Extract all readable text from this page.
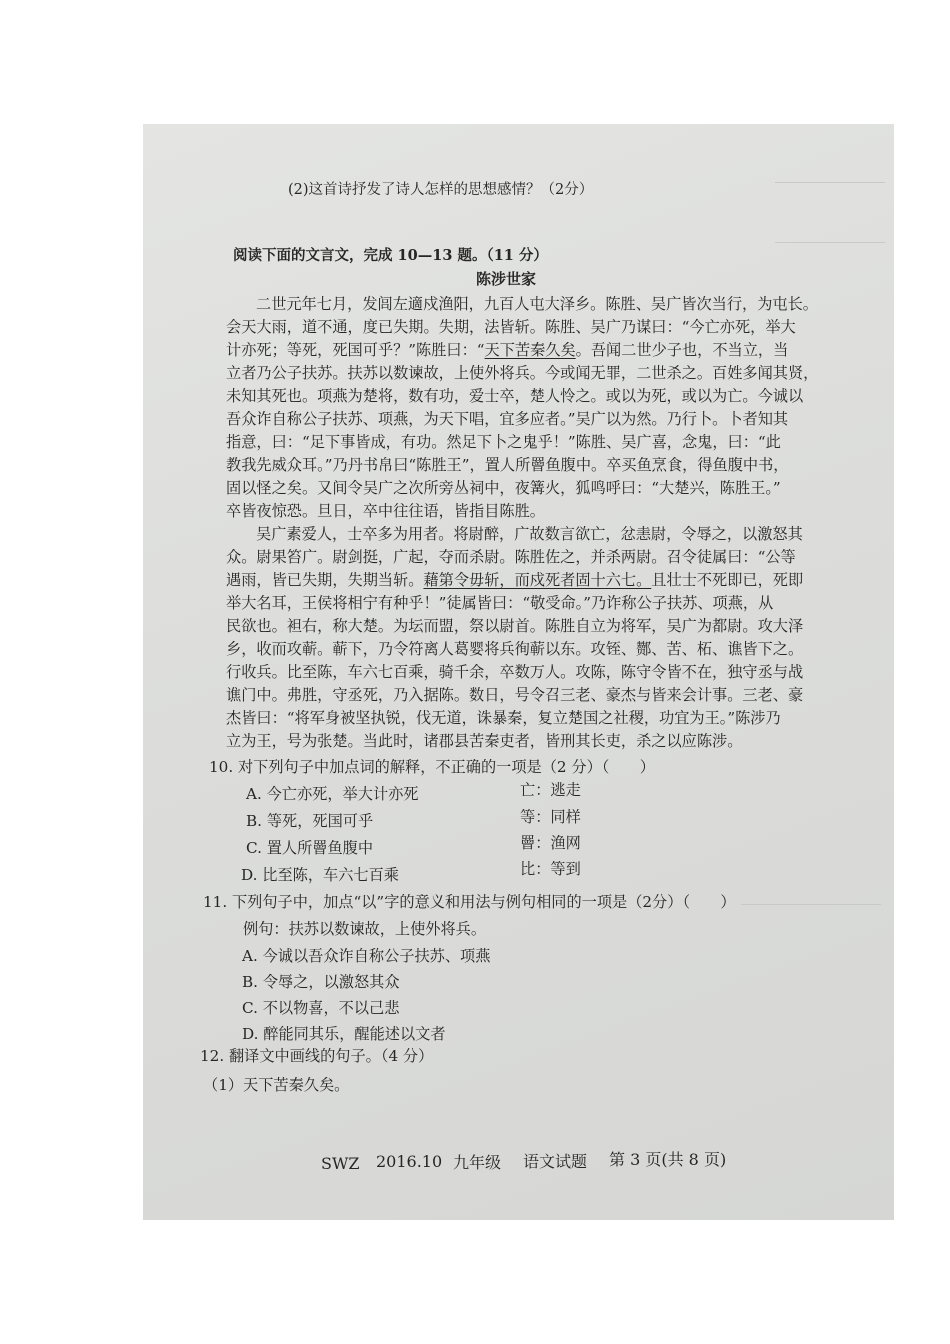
(2)这首诗抒发了诗人怎样的思想感情？（2分）
阅读下面的文言文，完成 10—13 题。（11 分）
陈涉世家
二世元年七月，发闾左適戍渔阳，九百人屯大泽乡。陈胜、吴广皆次当行，为屯长。
会天大雨，道不通，度已失期。失期，法皆斩。陈胜、吴广乃谋曰：“今亡亦死，举大
计亦死；等死，死国可乎？”陈胜曰：“天下苦秦久矣。吾闻二世少子也，不当立，当
立者乃公子扶苏。扶苏以数谏故，上使外将兵。今或闻无罪，二世杀之。百姓多闻其贤，
未知其死也。项燕为楚将，数有功，爱士卒，楚人怜之。或以为死，或以为亡。今诚以
吾众诈自称公子扶苏、项燕，为天下唱，宜多应者。”吴广以为然。乃行卜。卜者知其
指意，曰：“足下事皆成，有功。然足下卜之鬼乎！”陈胜、吴广喜，念鬼，曰：“此
教我先威众耳。”乃丹书帛曰“陈胜王”，置人所罾鱼腹中。卒买鱼烹食，得鱼腹中书，
固以怪之矣。又间令吴广之次所旁丛祠中，夜篝火，狐鸣呼曰：“大楚兴，陈胜王。”
卒皆夜惊恐。旦日，卒中往往语，皆指目陈胜。
吴广素爱人，士卒多为用者。将尉醉，广故数言欲亡，忿恚尉，令辱之，以激怒其
众。尉果笞广。尉剑挺，广起，夺而杀尉。陈胜佐之，并杀两尉。召令徒属曰：“公等
遇雨，皆已失期，失期当斩。藉第令毋斩，而戍死者固十六七。且壮士不死即已，死即
举大名耳，王侯将相宁有种乎！”徒属皆曰：“敬受命。”乃诈称公子扶苏、项燕，从
民欲也。袒右，称大楚。为坛而盟，祭以尉首。陈胜自立为将军，吴广为都尉。攻大泽
乡，收而攻蕲。蕲下，乃令符离人葛婴将兵徇蕲以东。攻铚、酂、苦、柘、谯皆下之。
行收兵。比至陈，车六七百乘，骑千余，卒数万人。攻陈，陈守令皆不在，独守丞与战
谯门中。弗胜，守丞死，乃入据陈。数日，号令召三老、豪杰与皆来会计事。三老、豪
杰皆曰：“将军身被坚执锐，伐无道，诛暴秦，复立楚国之社稷，功宜为王。”陈涉乃
立为王，号为张楚。当此时，诸郡县苦秦吏者，皆刑其长吏，杀之以应陈涉。
10. 对下列句子中加点词的解释，不正确的一项是（2 分）（　　）
A. 今亡亦死，举大计亦死	亡：逃走
B. 等死，死国可乎	等：同样
C. 置人所罾鱼腹中	罾：渔网
D. 比至陈，车六七百乘	比：等到
11. 下列句子中，加点“以”字的意义和用法与例句相同的一项是（2分）（　　）
例句：扶苏以数谏故，上使外将兵。
A. 今诚以吾众诈自称公子扶苏、项燕
B. 令辱之，以激怒其众
C. 不以物喜，不以己悲
D. 醉能同其乐，醒能述以文者
12. 翻译文中画线的句子。（4 分）
（1）天下苦秦久矣。
SWZ 2016.10 九年级 语文试题 第 3 页(共 8 页)
